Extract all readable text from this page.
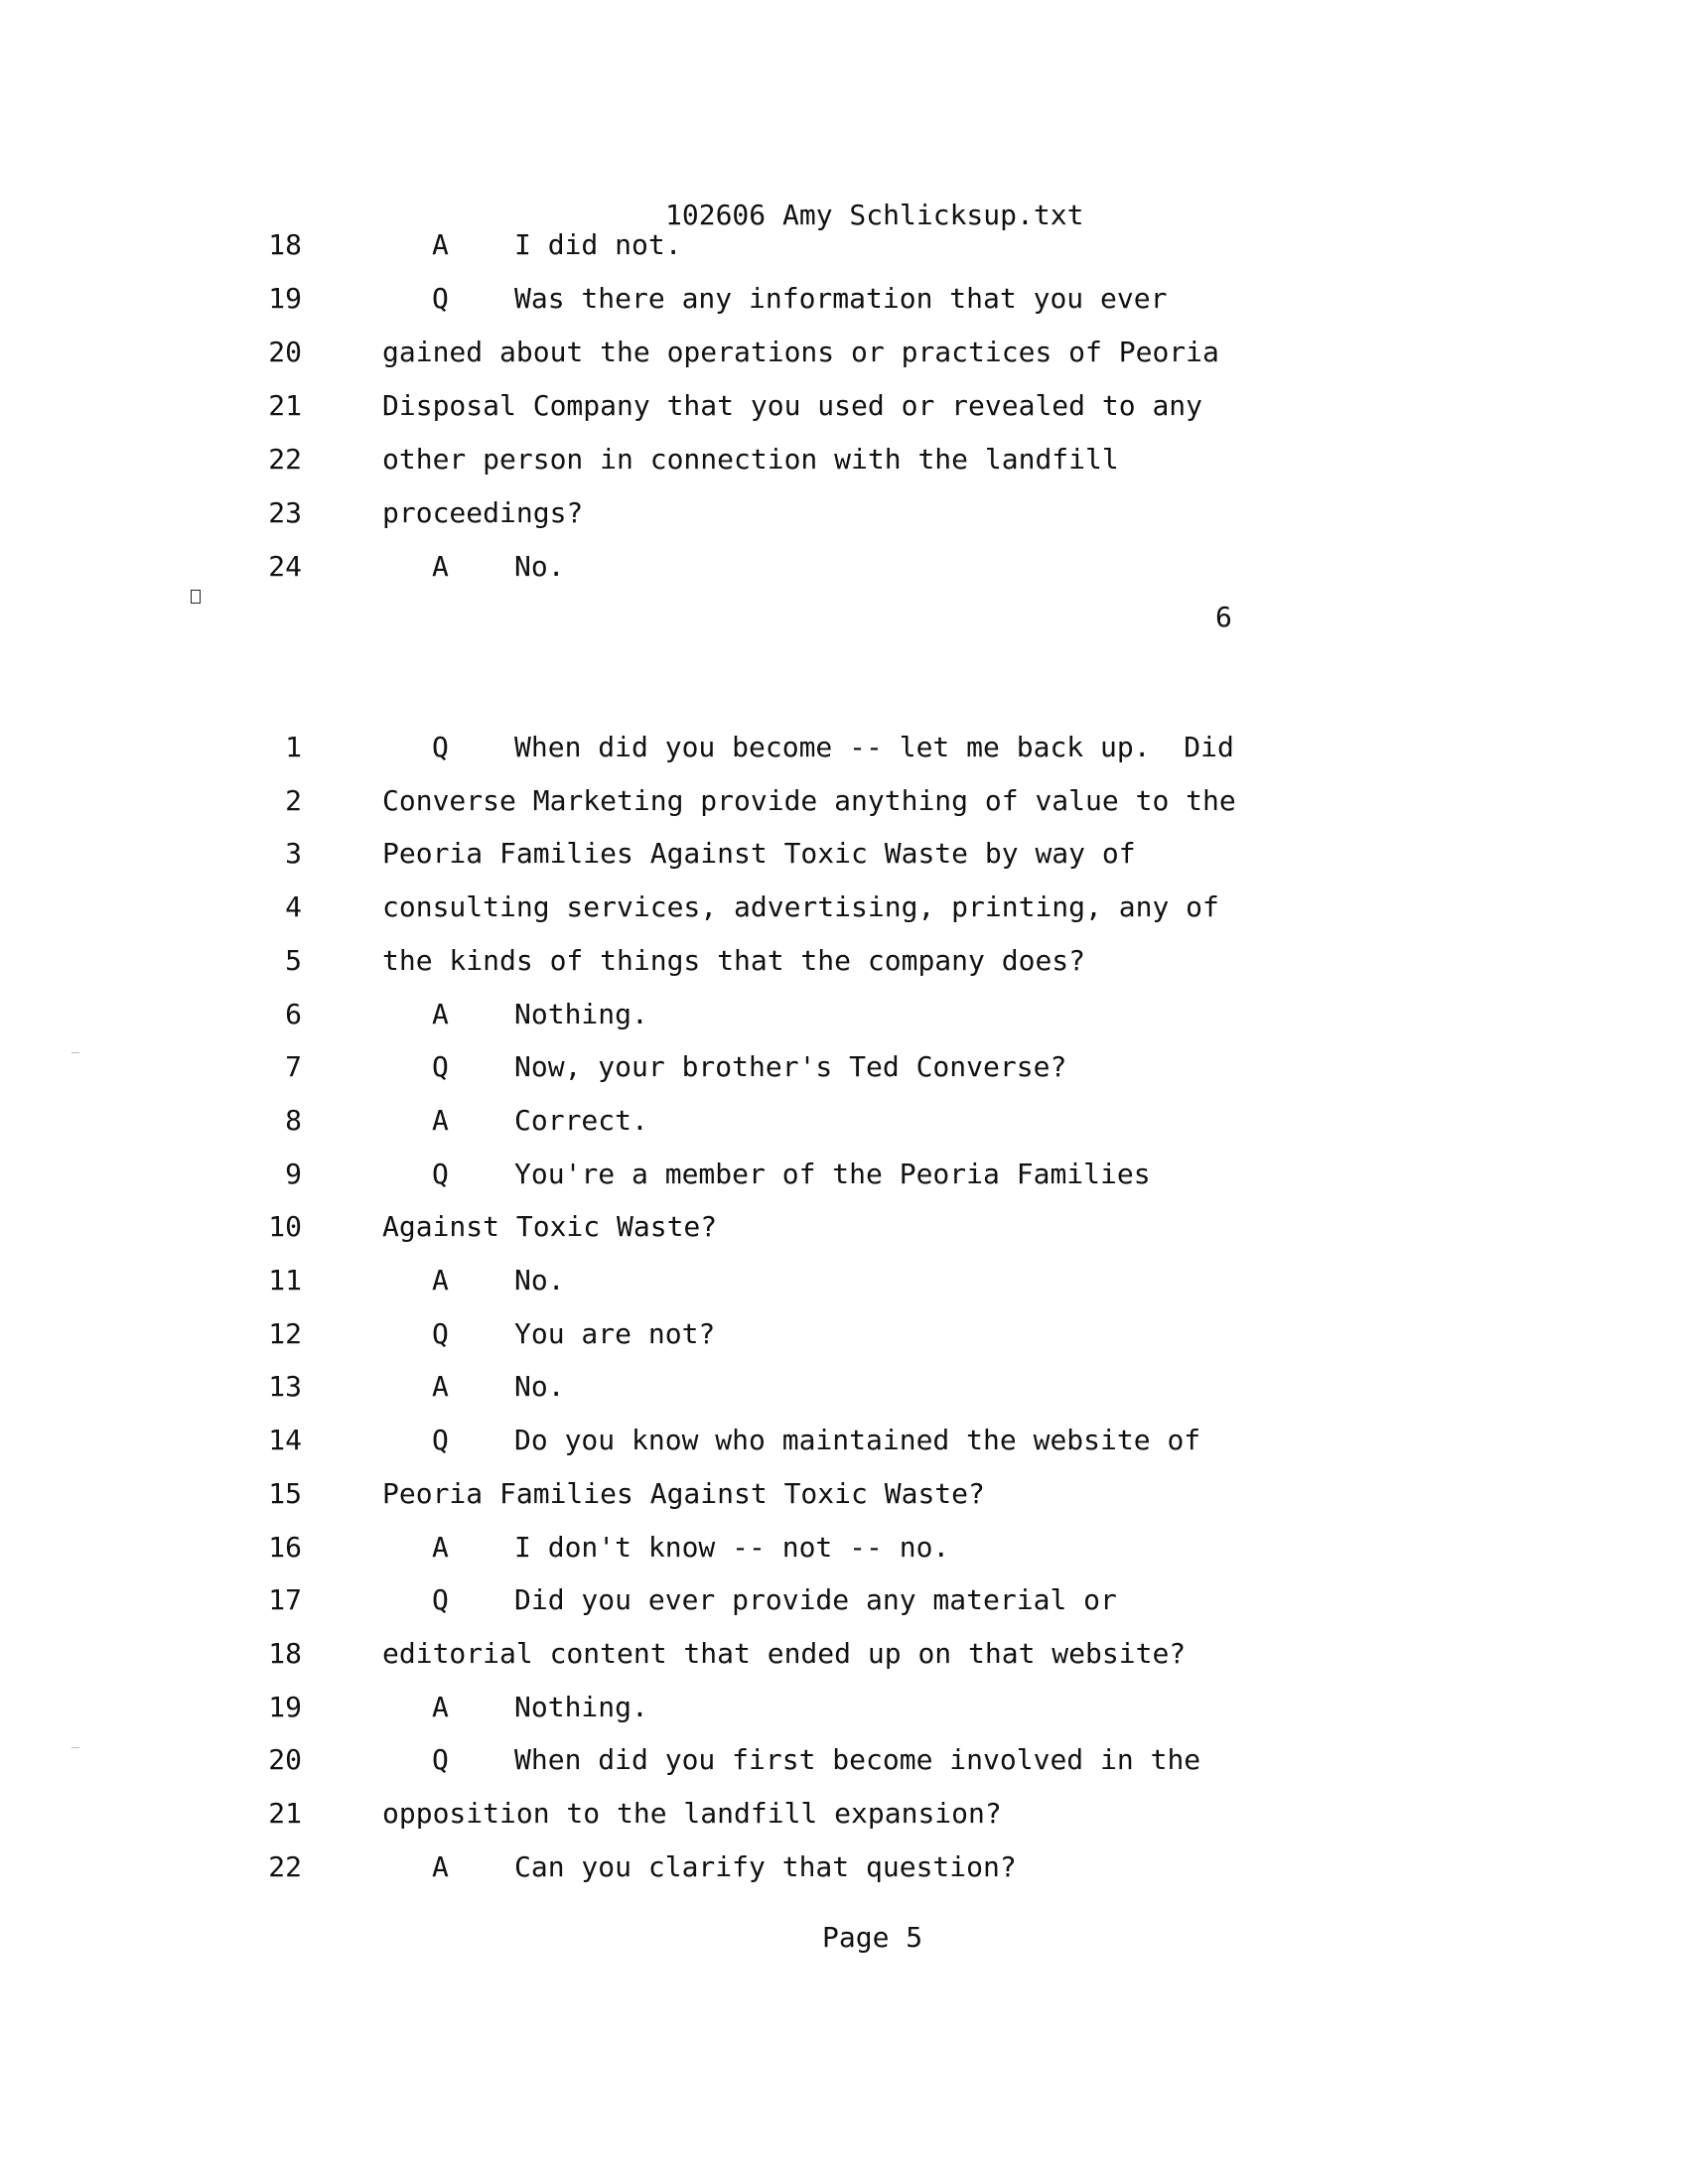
102606 Amy Schlicksup.txt
18	A I did not.
19	Q Was there any information that you ever
20	gained about the operations or practices of Peoria
21	Disposal Company that you used or revealed to any
22	other person in connection with the landfill
23	proceedings?
24	A No.
6
1	Q When did you become -- let me back up.  Did
2	Converse Marketing provide anything of value to the
3	Peoria Families Against Toxic Waste by way of
4	consulting services, advertising, printing, any of
5	the kinds of things that the company does?
6	A Nothing.
7	Q Now, your brother's Ted Converse?
8	A Correct.
9	Q You're a member of the Peoria Families
10	Against Toxic Waste?
11	A No.
12	Q You are not?
13	A No.
14	Q Do you know who maintained the website of
15	Peoria Families Against Toxic Waste?
16	A I don't know -- not -- no.
17	Q Did you ever provide any material or
18	editorial content that ended up on that website?
19	A Nothing.
20	Q When did you first become involved in the
21	opposition to the landfill expansion?
22	A Can you clarify that question?
Page 5
